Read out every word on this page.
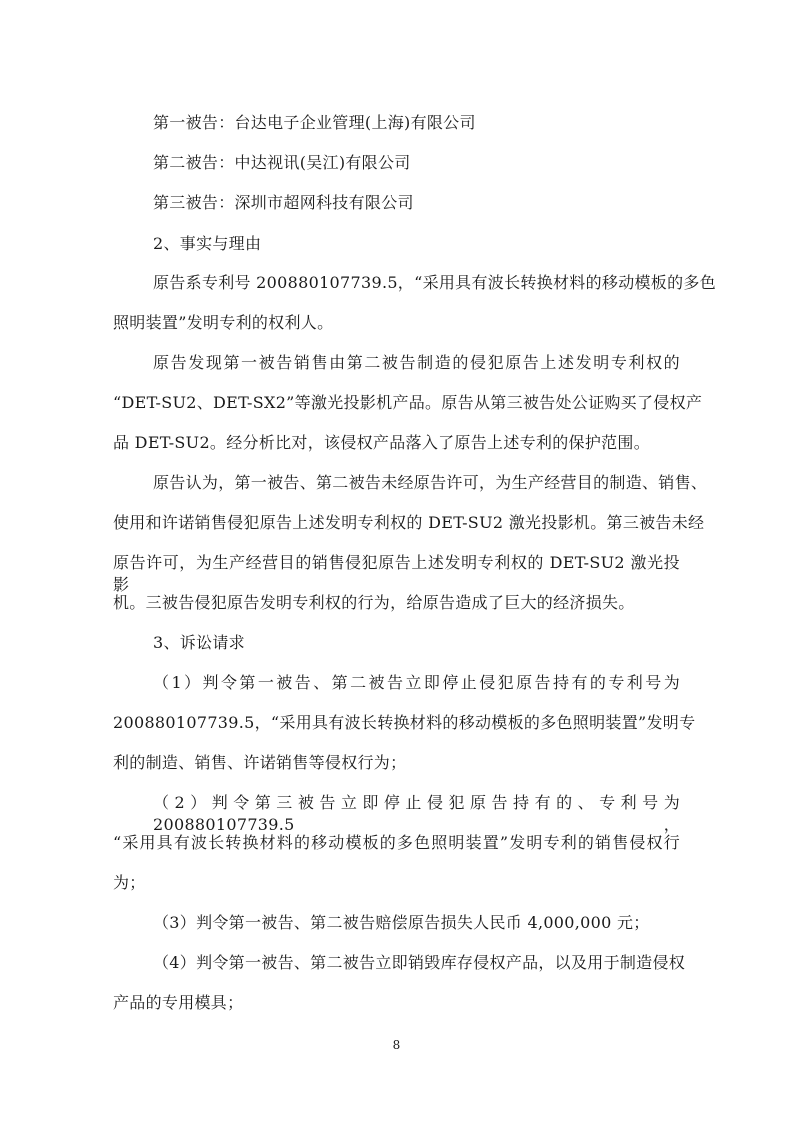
第一被告：台达电子企业管理(上海)有限公司
第二被告：中达视讯(吴江)有限公司
第三被告：深圳市超网科技有限公司
2、事实与理由
原告系专利号 200880107739.5，“采用具有波长转换材料的移动模板的多色
照明装置”发明专利的权利人。
原告发现第一被告销售由第二被告制造的侵犯原告上述发明专利权的
“DET-SU2、DET-SX2”等激光投影机产品。原告从第三被告处公证购买了侵权产
品 DET-SU2。经分析比对，该侵权产品落入了原告上述专利的保护范围。
原告认为，第一被告、第二被告未经原告许可，为生产经营目的制造、销售、
使用和许诺销售侵犯原告上述发明专利权的 DET-SU2 激光投影机。第三被告未经
原告许可，为生产经营目的销售侵犯原告上述发明专利权的 DET-SU2 激光投影
机。三被告侵犯原告发明专利权的行为，给原告造成了巨大的经济损失。
3、诉讼请求
（1）判令第一被告、第二被告立即停止侵犯原告持有的专利号为
200880107739.5，“采用具有波长转换材料的移动模板的多色照明装置”发明专
利的制造、销售、许诺销售等侵权行为；
（2）判令第三被告立即停止侵犯原告持有的、专利号为 200880107739.5，
“采用具有波长转换材料的移动模板的多色照明装置”发明专利的销售侵权行
为；
（3）判令第一被告、第二被告赔偿原告损失人民币 4,000,000 元；
（4）判令第一被告、第二被告立即销毁库存侵权产品，以及用于制造侵权
产品的专用模具；
8
